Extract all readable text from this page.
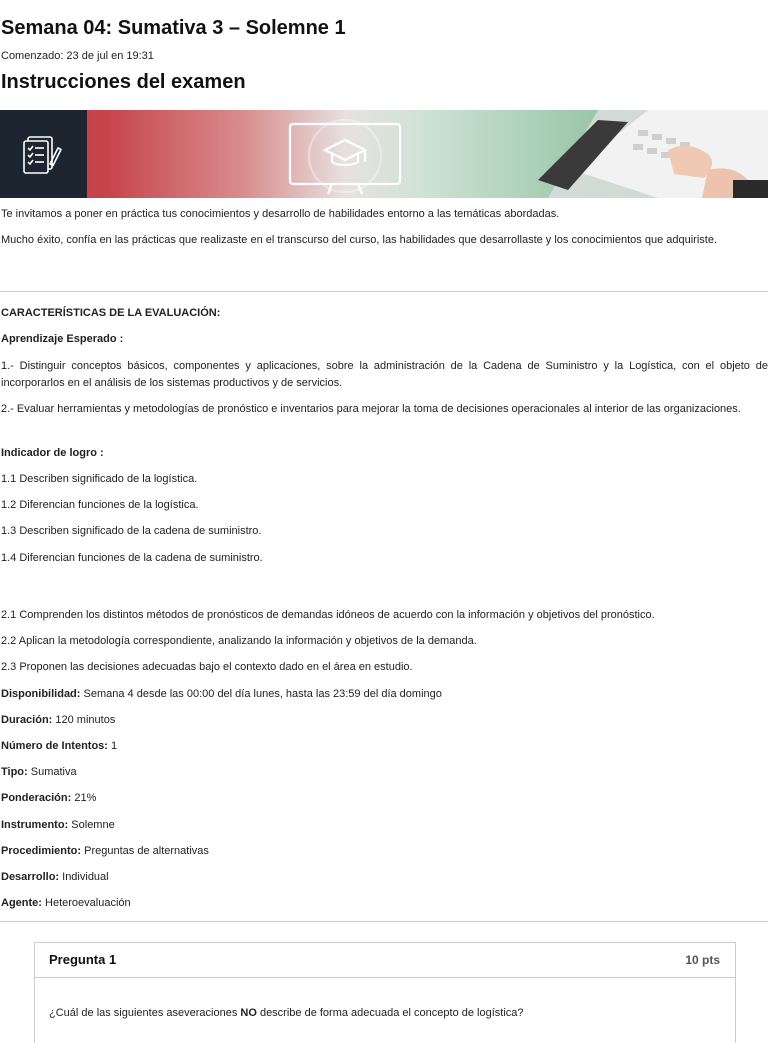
Semana 04: Sumativa 3 – Solemne 1
Comenzado: 23 de jul en 19:31
Instrucciones del examen
Te invitamos a poner en práctica tus conocimientos y desarrollo de habilidades entorno a las temáticas abordadas.
Mucho éxito, confía en las prácticas que realizaste en el transcurso del curso, las habilidades que desarrollaste y los conocimientos que adquiriste.
CARACTERÍSTICAS DE LA EVALUACIÓN:
Aprendizaje Esperado :
1.- Distinguir conceptos básicos, componentes y aplicaciones, sobre la administración de la Cadena de Suministro y la Logística, con el objeto de incorporarlos en el análisis de los sistemas productivos y de servicios.
2.- Evaluar herramientas y metodologías de pronóstico e inventarios para mejorar la toma de decisiones operacionales al interior de las organizaciones.
Indicador de logro :
1.1 Describen significado de la logística.
1.2 Diferencian funciones de la logística.
1.3 Describen significado de la cadena de suministro.
1.4 Diferencian funciones de la cadena de suministro.
2.1 Comprenden los distintos métodos de pronósticos de demandas idóneos de acuerdo con la información y objetivos del pronóstico.
2.2 Aplican la metodología correspondiente, analizando la información y objetivos de la demanda.
2.3 Proponen las decisiones adecuadas bajo el contexto dado en el área en estudio.
Disponibilidad: Semana 4 desde las 00:00 del día lunes, hasta las 23:59 del día domingo
Duración: 120 minutos
Número de Intentos: 1
Tipo: Sumativa
Ponderación: 21%
Instrumento: Solemne
Procedimiento: Preguntas de alternativas
Desarrollo: Individual
Agente: Heteroevaluación
Pregunta 1	10 pts
¿Cuál de las siguientes aseveraciones NO describe de forma adecuada el concepto de logística?
